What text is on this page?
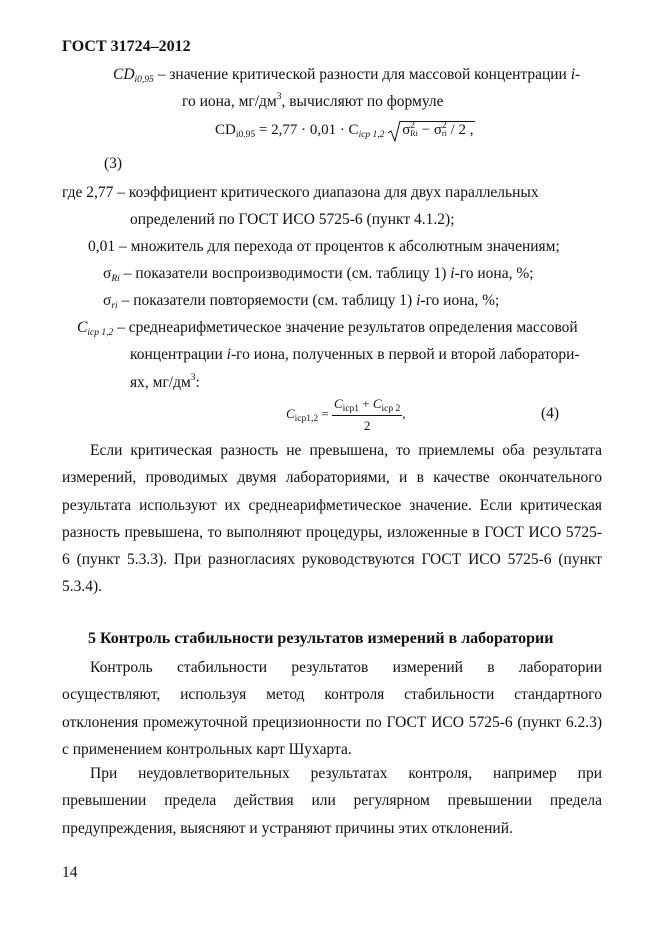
ГОСТ 31724–2012
$CD_{i0,95}$ – значение критической разности для массовой концентрации i-
го иона, $мг/дм^3$, вычисляют по формуле
$CD_{i0.95} = 2,77 \cdot 0,01 \cdot C_{icp 1,2}$ σ 2
Ri − σ 2
ri / 2 ,
(3)
где 2,77 – коэффициент критического диапазона для двух параллельных
определений по ГОСТ ИСО 5725-6 (пункт 4.1.2);
0,01 – множитель для перехода от процентов к абсолютным значениям;
$\sigma_{Ri}$ – показатели воспроизводимости (см. таблицу 1) i-го иона, %;
$\sigma_{ri}$ – показатели повторяемости (см. таблицу 1) i-го иона, %;
$C_{icp 1,2}$ – среднеарифметическое значение результатов определения массовой
концентрации i-го иона, полученных в первой и второй лаборатори-
ях, $мг/дм^3$:
$C_{icp1,2} = \frac{C_{icp1} + C_{icp 2}}{2}$ ,	(4)

Если критическая разность не превышена, то приемлемы оба результата измерений, проводимых двумя лабораториями, и в качестве окончательного результата используют их среднеарифметическое значение. Если критическая разность превышена, то выполняют процедуры, изложенные в ГОСТ ИСО 5725-6 (пункт 5.3.3). При разногласиях руководствуются ГОСТ ИСО 5725-6 (пункт 5.3.4).

5 Контроль стабильности результатов измерений в лаборатории

Контроль стабильности результатов измерений в лаборатории осуществляют, используя метод контроля стабильности стандартного отклонения промежуточной прецизионности по ГОСТ ИСО 5725-6 (пункт 6.2.3) с применением контрольных карт Шухарта.

При неудовлетворительных результатах контроля, например при превышении предела действия или регулярном превышении предела предупреждения, выясняют и устраняют причины этих отклонений.

14
